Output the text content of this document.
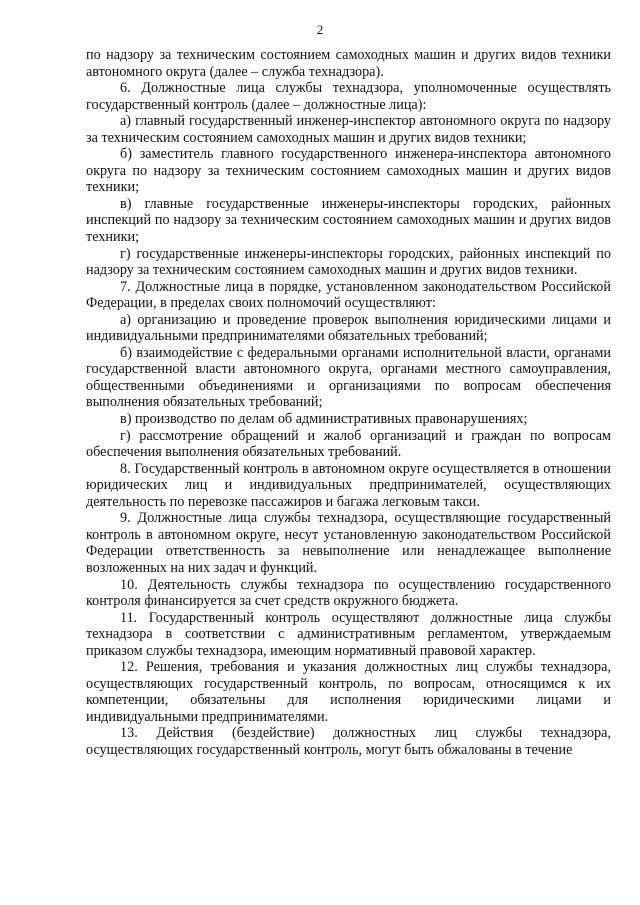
2

по надзору за техническим состоянием самоходных машин и других видов техники автономного округа (далее – служба технадзора).

6. Должностные лица службы технадзора, уполномоченные осуществлять государственный контроль (далее – должностные лица):

а) главный государственный инженер-инспектор автономного округа по надзору за техническим состоянием самоходных машин и других видов техники;

б) заместитель главного государственного инженера-инспектора автономного округа по надзору за техническим состоянием самоходных машин и других видов техники;

в) главные государственные инженеры-инспекторы городских, районных инспекций по надзору за техническим состоянием самоходных машин и других видов техники;

г) государственные инженеры-инспекторы городских, районных инспекций по надзору за техническим состоянием самоходных машин и других видов техники.

7. Должностные лица в порядке, установленном законодательством Российской Федерации, в пределах своих полномочий осуществляют:

а) организацию и проведение проверок выполнения юридическими лицами и индивидуальными предпринимателями обязательных требований;

б) взаимодействие с федеральными органами исполнительной власти, органами государственной власти автономного округа, органами местного самоуправления, общественными объединениями и организациями по вопросам обеспечения выполнения обязательных требований;

в) производство по делам об административных правонарушениях;

г) рассмотрение обращений и жалоб организаций и граждан по вопросам обеспечения выполнения обязательных требований.

8. Государственный контроль в автономном округе осуществляется в отношении юридических лиц и индивидуальных предпринимателей, осуществляющих деятельность по перевозке пассажиров и багажа легковым такси.

9. Должностные лица службы технадзора, осуществляющие государственный контроль в автономном округе, несут установленную законодательством Российской Федерации ответственность за невыполнение или ненадлежащее выполнение возложенных на них задач и функций.

10. Деятельность службы технадзора по осуществлению государственного контроля финансируется за счет средств окружного бюджета.

11. Государственный контроль осуществляют должностные лица службы технадзора в соответствии с административным регламентом, утверждаемым приказом службы технадзора, имеющим нормативный правовой характер.

12. Решения, требования и указания должностных лиц службы технадзора, осуществляющих государственный контроль, по вопросам, относящимся к их компетенции, обязательны для исполнения юридическими лицами и индивидуальными предпринимателями.

13. Действия (бездействие) должностных лиц службы технадзора, осуществляющих государственный контроль, могут быть обжалованы в течение
